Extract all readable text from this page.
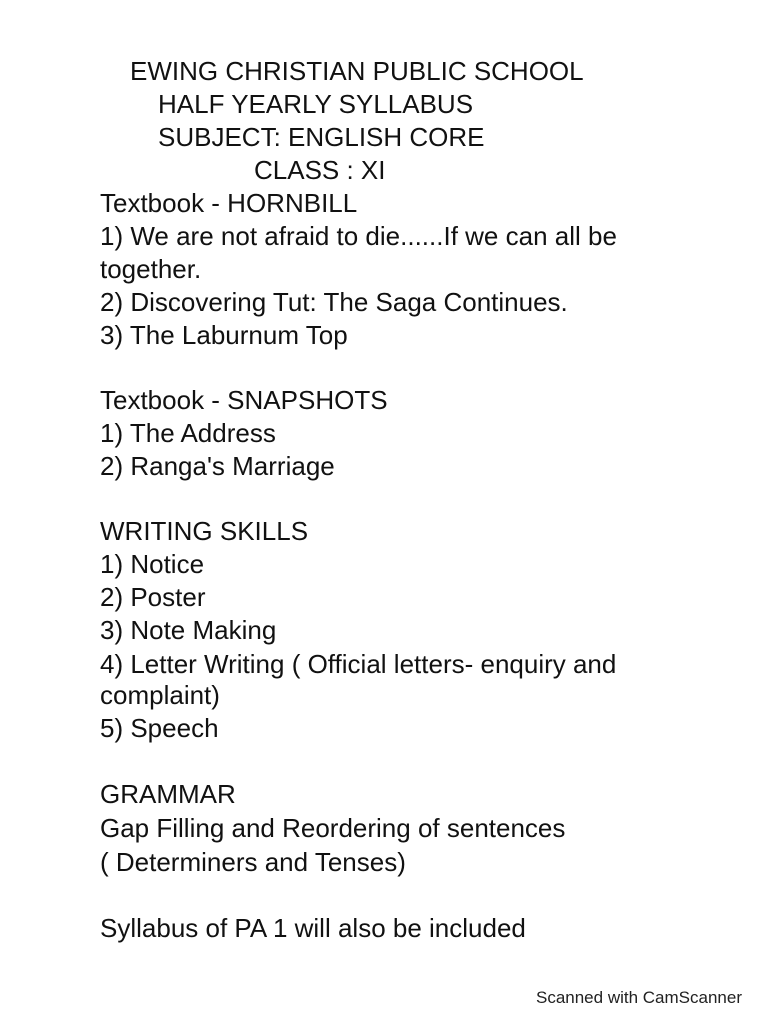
EWING CHRISTIAN PUBLIC SCHOOL
HALF YEARLY SYLLABUS
SUBJECT: ENGLISH CORE
CLASS : XI
Textbook - HORNBILL
1) We are not afraid to die......If we can all be
together.
2) Discovering Tut: The Saga Continues.
3) The Laburnum Top
Textbook - SNAPSHOTS
1) The Address
2) Ranga's Marriage
WRITING SKILLS
1) Notice
2) Poster
3) Note Making
4) Letter Writing ( Official letters- enquiry and
complaint)
5) Speech
GRAMMAR
Gap Filling and Reordering of sentences
( Determiners and Tenses)
Syllabus of PA 1 will also be included
Scanned with CamScanner
